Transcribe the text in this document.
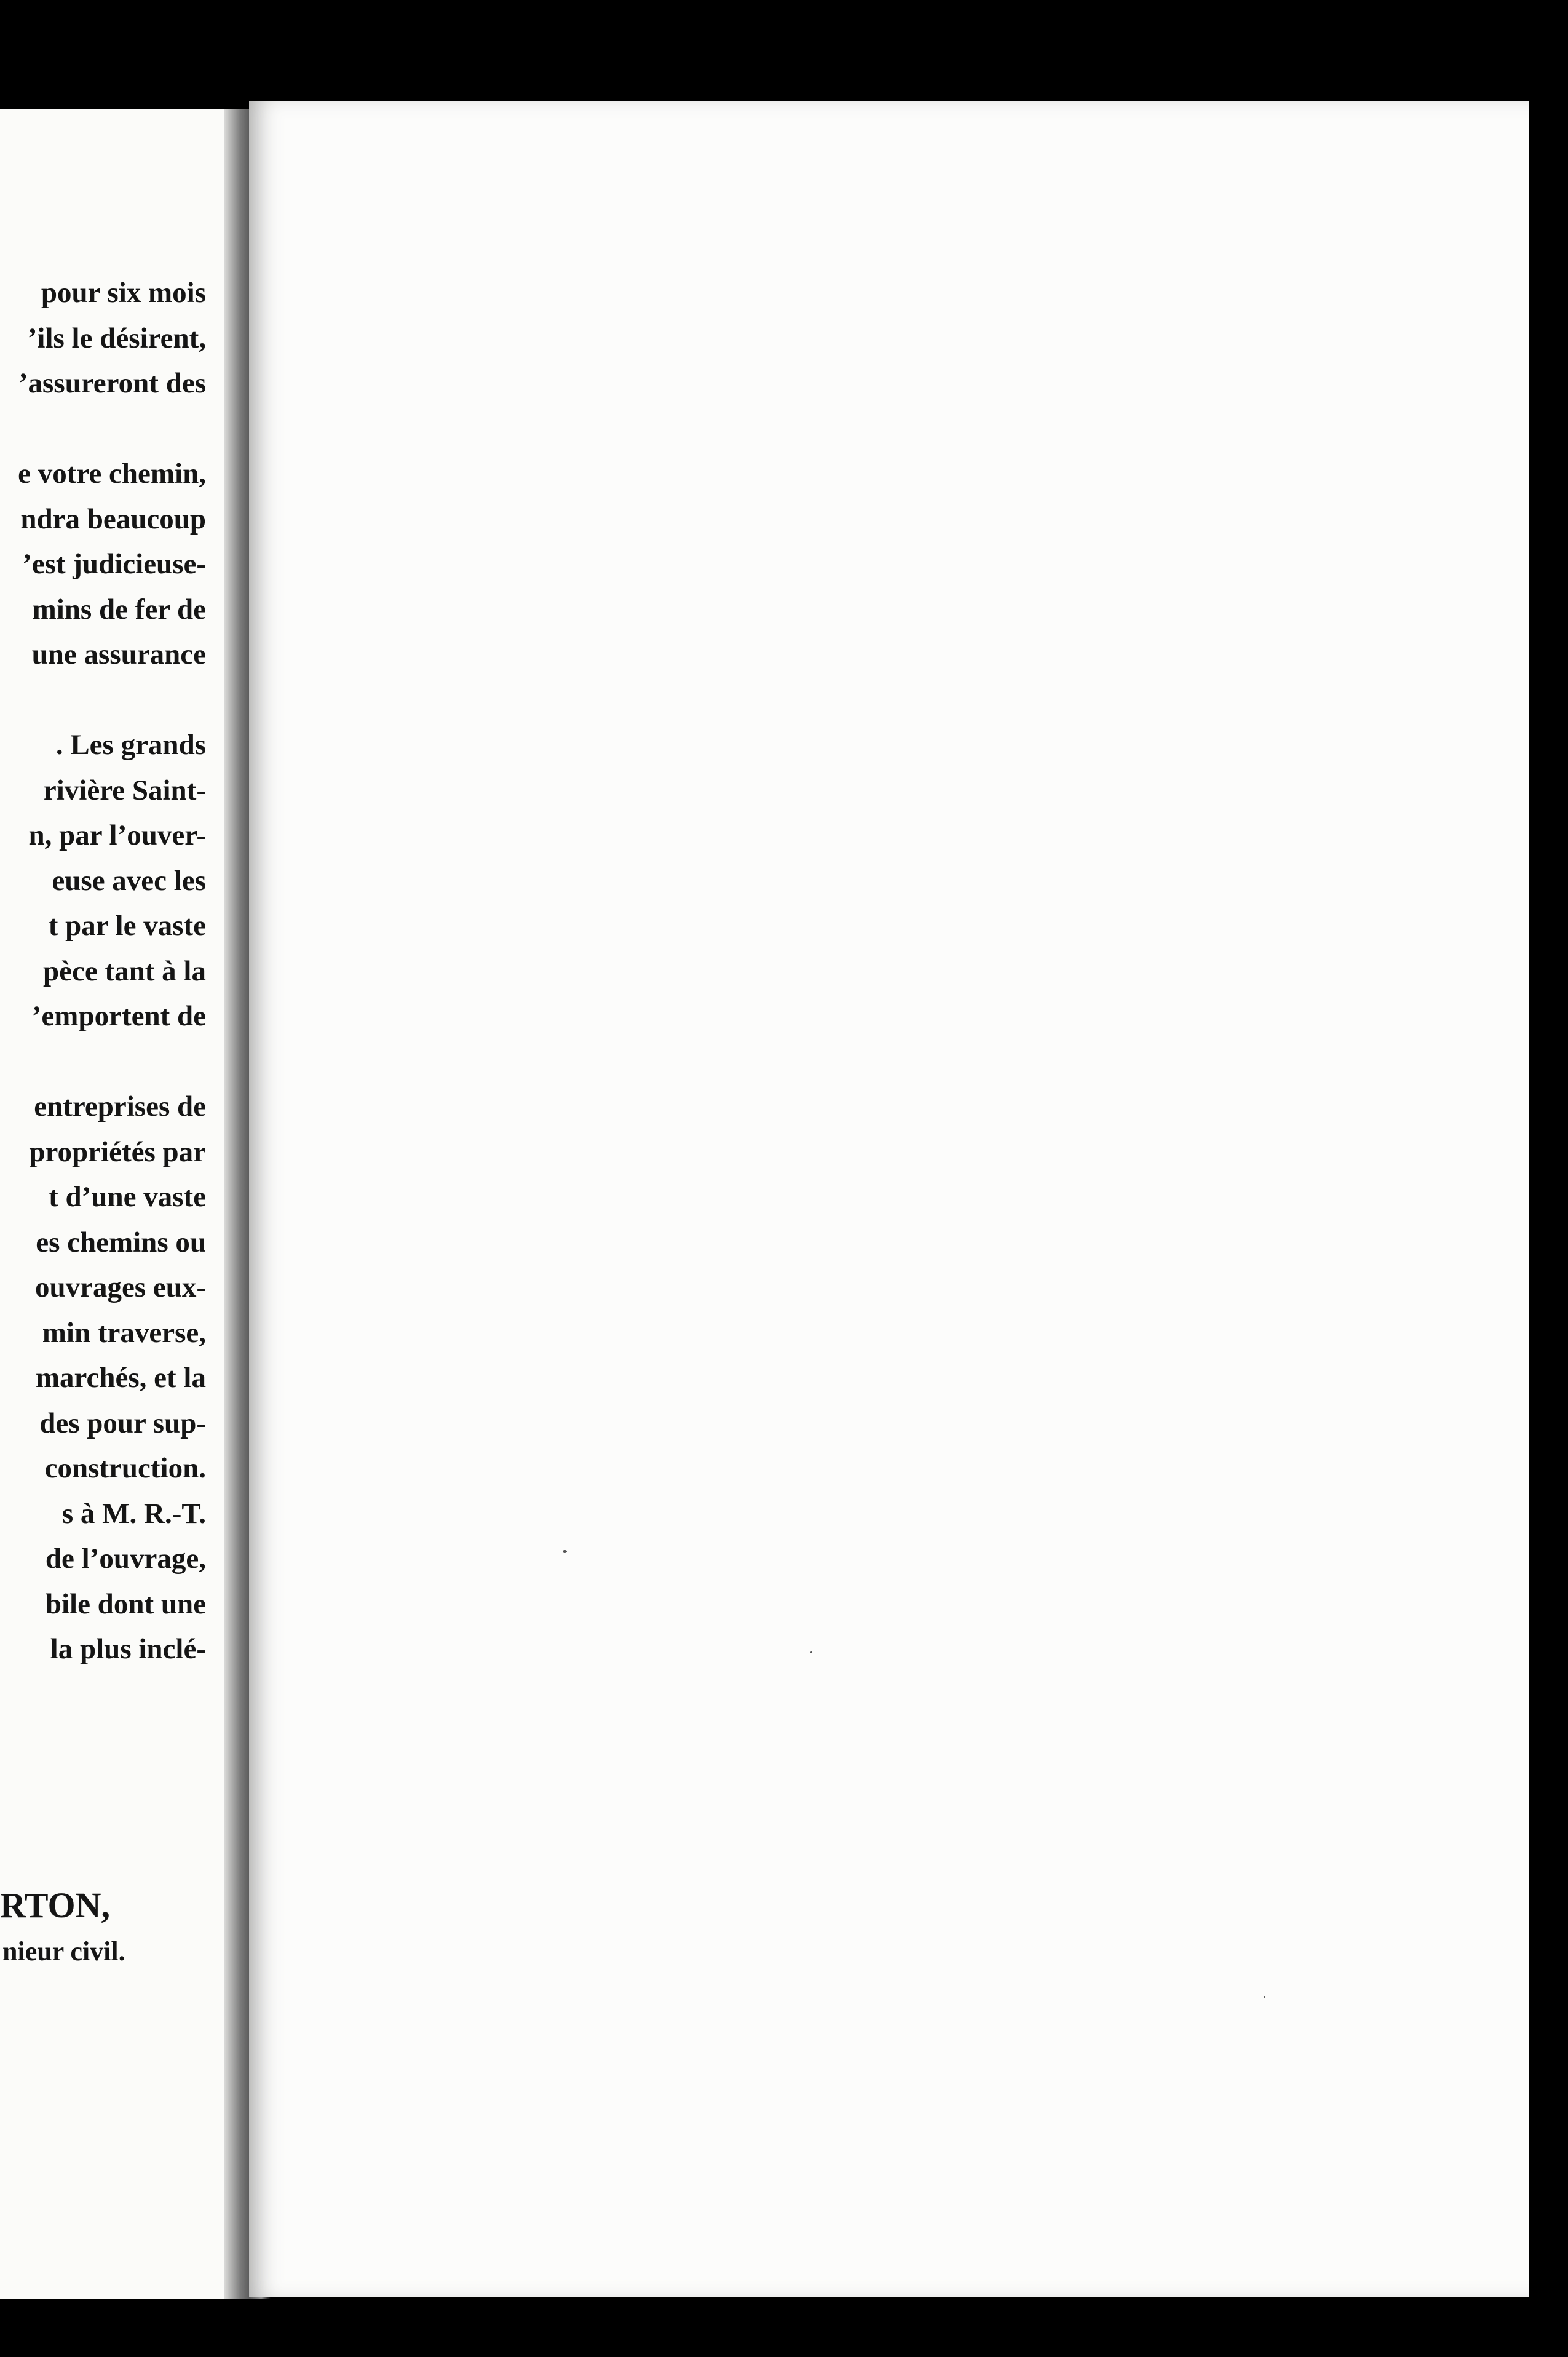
pour six mois
’ils le désirent,
’assureront des
e votre chemin,
ndra beaucoup
’est judicieuse-
mins de fer de
une assurance
. Les grands
rivière Saint-
n, par l’ouver-
euse avec les
t par le vaste
pèce tant à la
’emportent de
entreprises de
propriétés par
t d’une vaste
es chemins ou
ouvrages eux-
min traverse,
marchés, et la
des pour sup-
construction.
s à M. R.-T.
de l’ouvrage,
bile dont une
la plus inclé-
RTON,
nieur civil.
